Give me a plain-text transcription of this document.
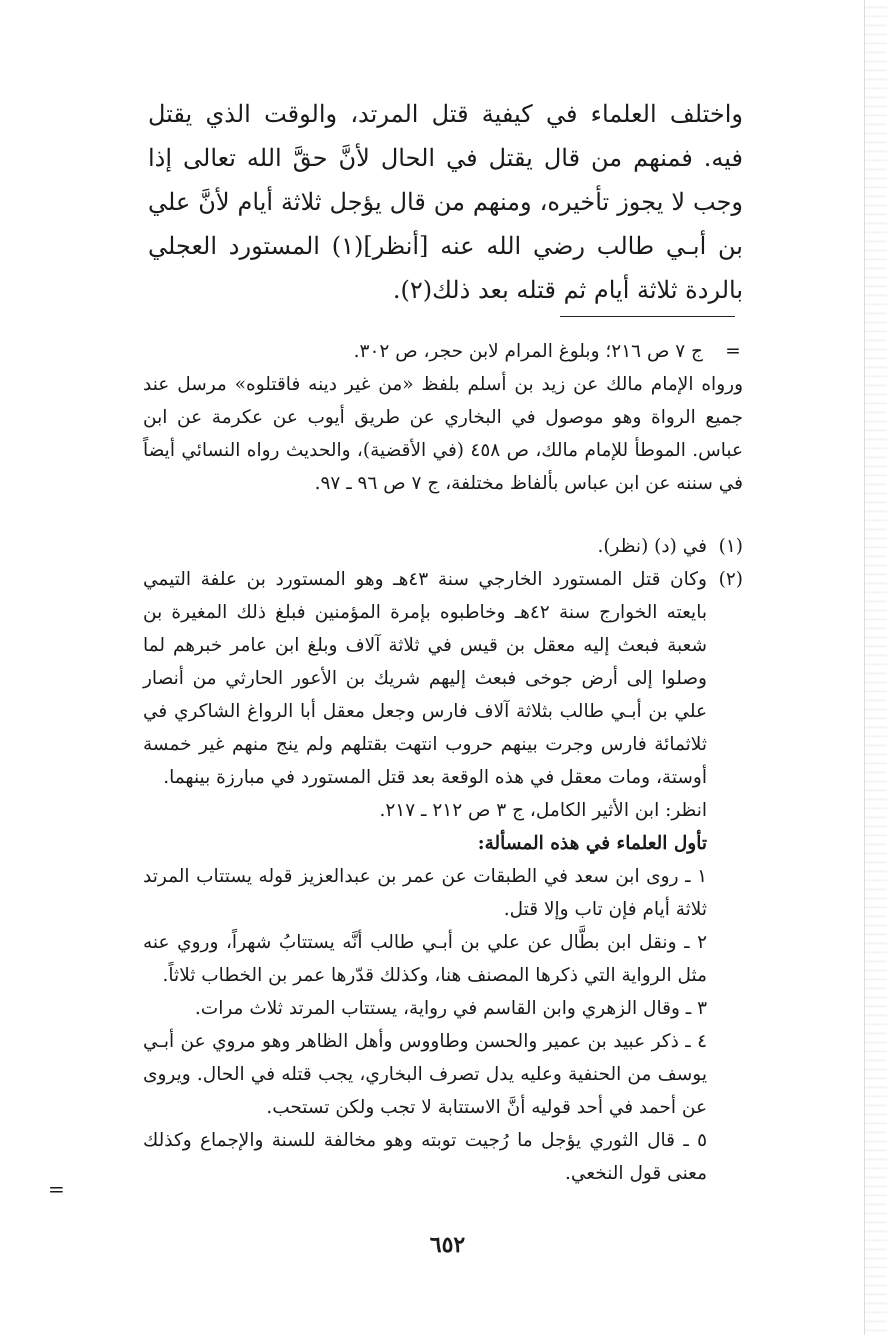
واختلف العلماء في كيفية قتل المرتد، والوقت الذي يقتل فيه. فمنهم من قال يقتل في الحال لأنَّ حقَّ الله تعالى إذا وجب لا يجوز تأخيره، ومنهم من قال يؤجل ثلاثة أيام لأنَّ علي بن أبـي طالب رضي الله عنه [أنظر](١) المستورد العجلي بالردة ثلاثة أيام ثم قتله بعد ذلك(٢).

=
ج ٧ ص ٢١٦؛ وبلوغ المرام لابن حجر، ص ٣٠٢.
ورواه الإمام مالك عن زيد بن أسلم بلفظ «من غير دينه فاقتلوه» مرسل عند جميع الرواة وهو موصول في البخاري عن طريق أيوب عن عكرمة عن ابن عباس. الموطأ للإمام مالك، ص ٤٥٨ (في الأقضية)، والحديث رواه النسائي أيضاً في سننه عن ابن عباس بألفاظ مختلفة، ج ٧ ص ٩٦ ـ ٩٧.
(١)

في (د) (نظر).

(٢)

وكان قتل المستورد الخارجي سنة ٤٣هـ وهو المستورد بن علفة التيمي بايعته الخوارج سنة ٤٢هـ وخاطبوه بإمرة المؤمنين فبلغ ذلك المغيرة بن شعبة فبعث إليه معقل بن قيس في ثلاثة آلاف وبلغ ابن عامر خبرهم لما وصلوا إلى أرض جوخى فبعث إليهم شريك بن الأعور الحارثي من أنصار علي بن أبـي طالب بثلاثة آلاف فارس وجعل معقل أبا الرواغ الشاكري في ثلاثمائة فارس وجرت بينهم حروب انتهت بقتلهم ولم ينج منهم غير خمسة أوستة، ومات معقل في هذه الوقعة بعد قتل المستورد في مبارزة بينهما.

انظر: ابن الأثير الكامل، ج ٣ ص ٢١٢ ـ ٢١٧.

تأول العلماء في هذه المسألة:

١ ـ روى ابن سعد في الطبقات عن عمر بن عبدالعزيز قوله يستتاب المرتد ثلاثة أيام فإن تاب وإلا قتل.

٢ ـ ونقل ابن بطَّال عن علي بن أبـي طالب أنَّه يستتابُ شهراً، وروي عنه مثل الرواية التي ذكرها المصنف هنا، وكذلك قدّرها عمر بن الخطاب ثلاثاً.

٣ ـ وقال الزهري وابن القاسم في رواية، يستتاب المرتد ثلاث مرات.

٤ ـ ذكر عبيد بن عمير والحسن وطاووس وأهل الظاهر وهو مروي عن أبـي يوسف من الحنفية وعليه يدل تصرف البخاري، يجب قتله في الحال. ويروى عن أحمد في أحد قوليه أنَّ الاستتابة لا تجب ولكن تستحب.

٥ ـ قال الثوري يؤجل ما رُجيت توبته وهو مخالفة للسنة والإجماع وكذلك معنى قول النخعي.

=
٦٥٢
